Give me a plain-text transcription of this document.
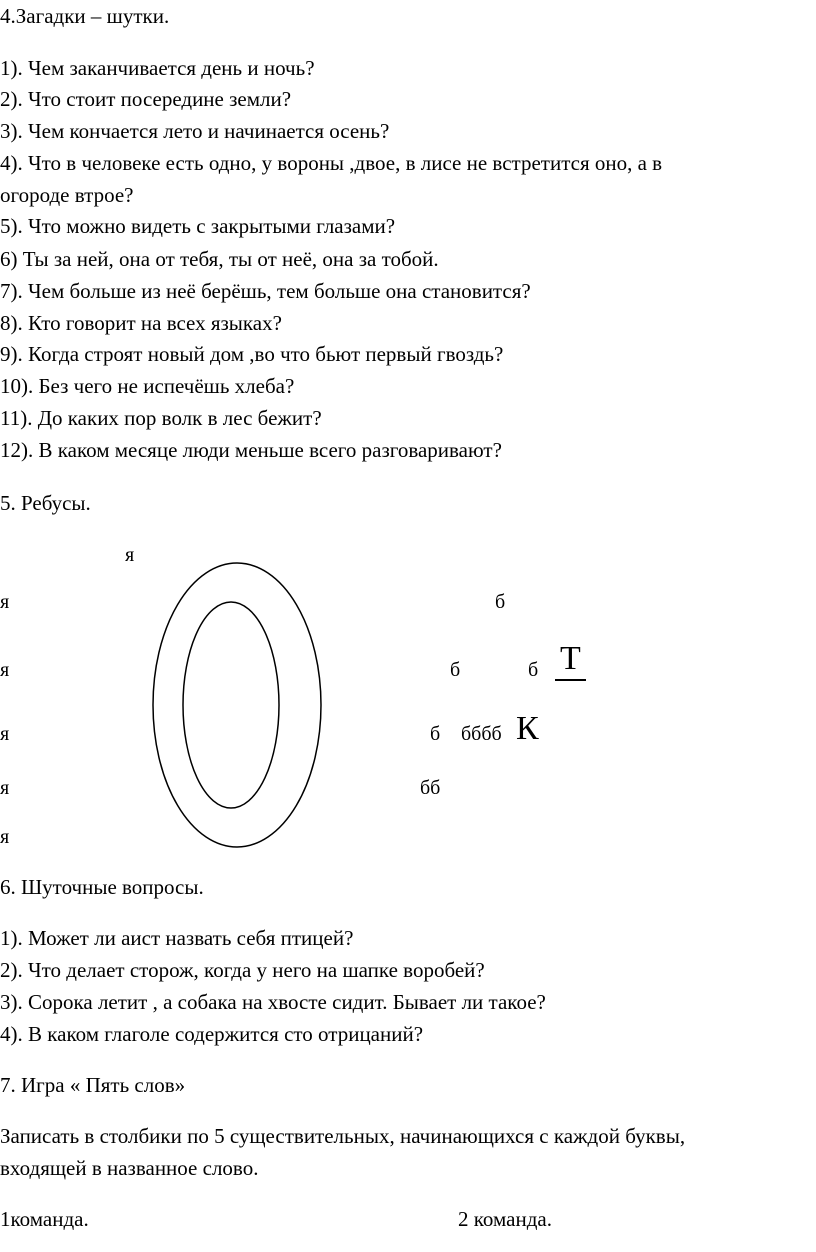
4.Загадки – шутки.
1). Чем заканчивается день и ночь?
2). Что стоит посередине земли?
3). Чем кончается лето и начинается осень?
4). Что в человеке есть одно, у вороны ,двое, в лисе не встретится оно, а в
огороде втрое?
5). Что можно видеть с закрытыми глазами?
6) Ты за ней, она от тебя, ты от неё, она за тобой.
7). Чем больше из неё берёшь, тем больше она становится?
8). Кто говорит на всех языках?
9). Когда строят новый дом ,во что бьют первый гвоздь?
10). Без чего не испечёшь хлеба?
11). До каких пор волк в лес бежит?
12). В каком месяце люди меньше всего разговаривают?
5. Ребусы.
я
я
я
я
я
я
б
б	б Т
б бббб К
бб
6. Шуточные вопросы.
1). Может ли аист назвать себя птицей?
2). Что делает сторож, когда у него на шапке воробей?
3). Сорока летит , а собака на хвосте сидит. Бывает ли такое?
4). В каком глаголе содержится сто отрицаний?
7. Игра « Пять слов»
Записать в столбики по 5 существительных, начинающихся с каждой буквы,
входящей в названное слово.
1команда.	2 команда.
